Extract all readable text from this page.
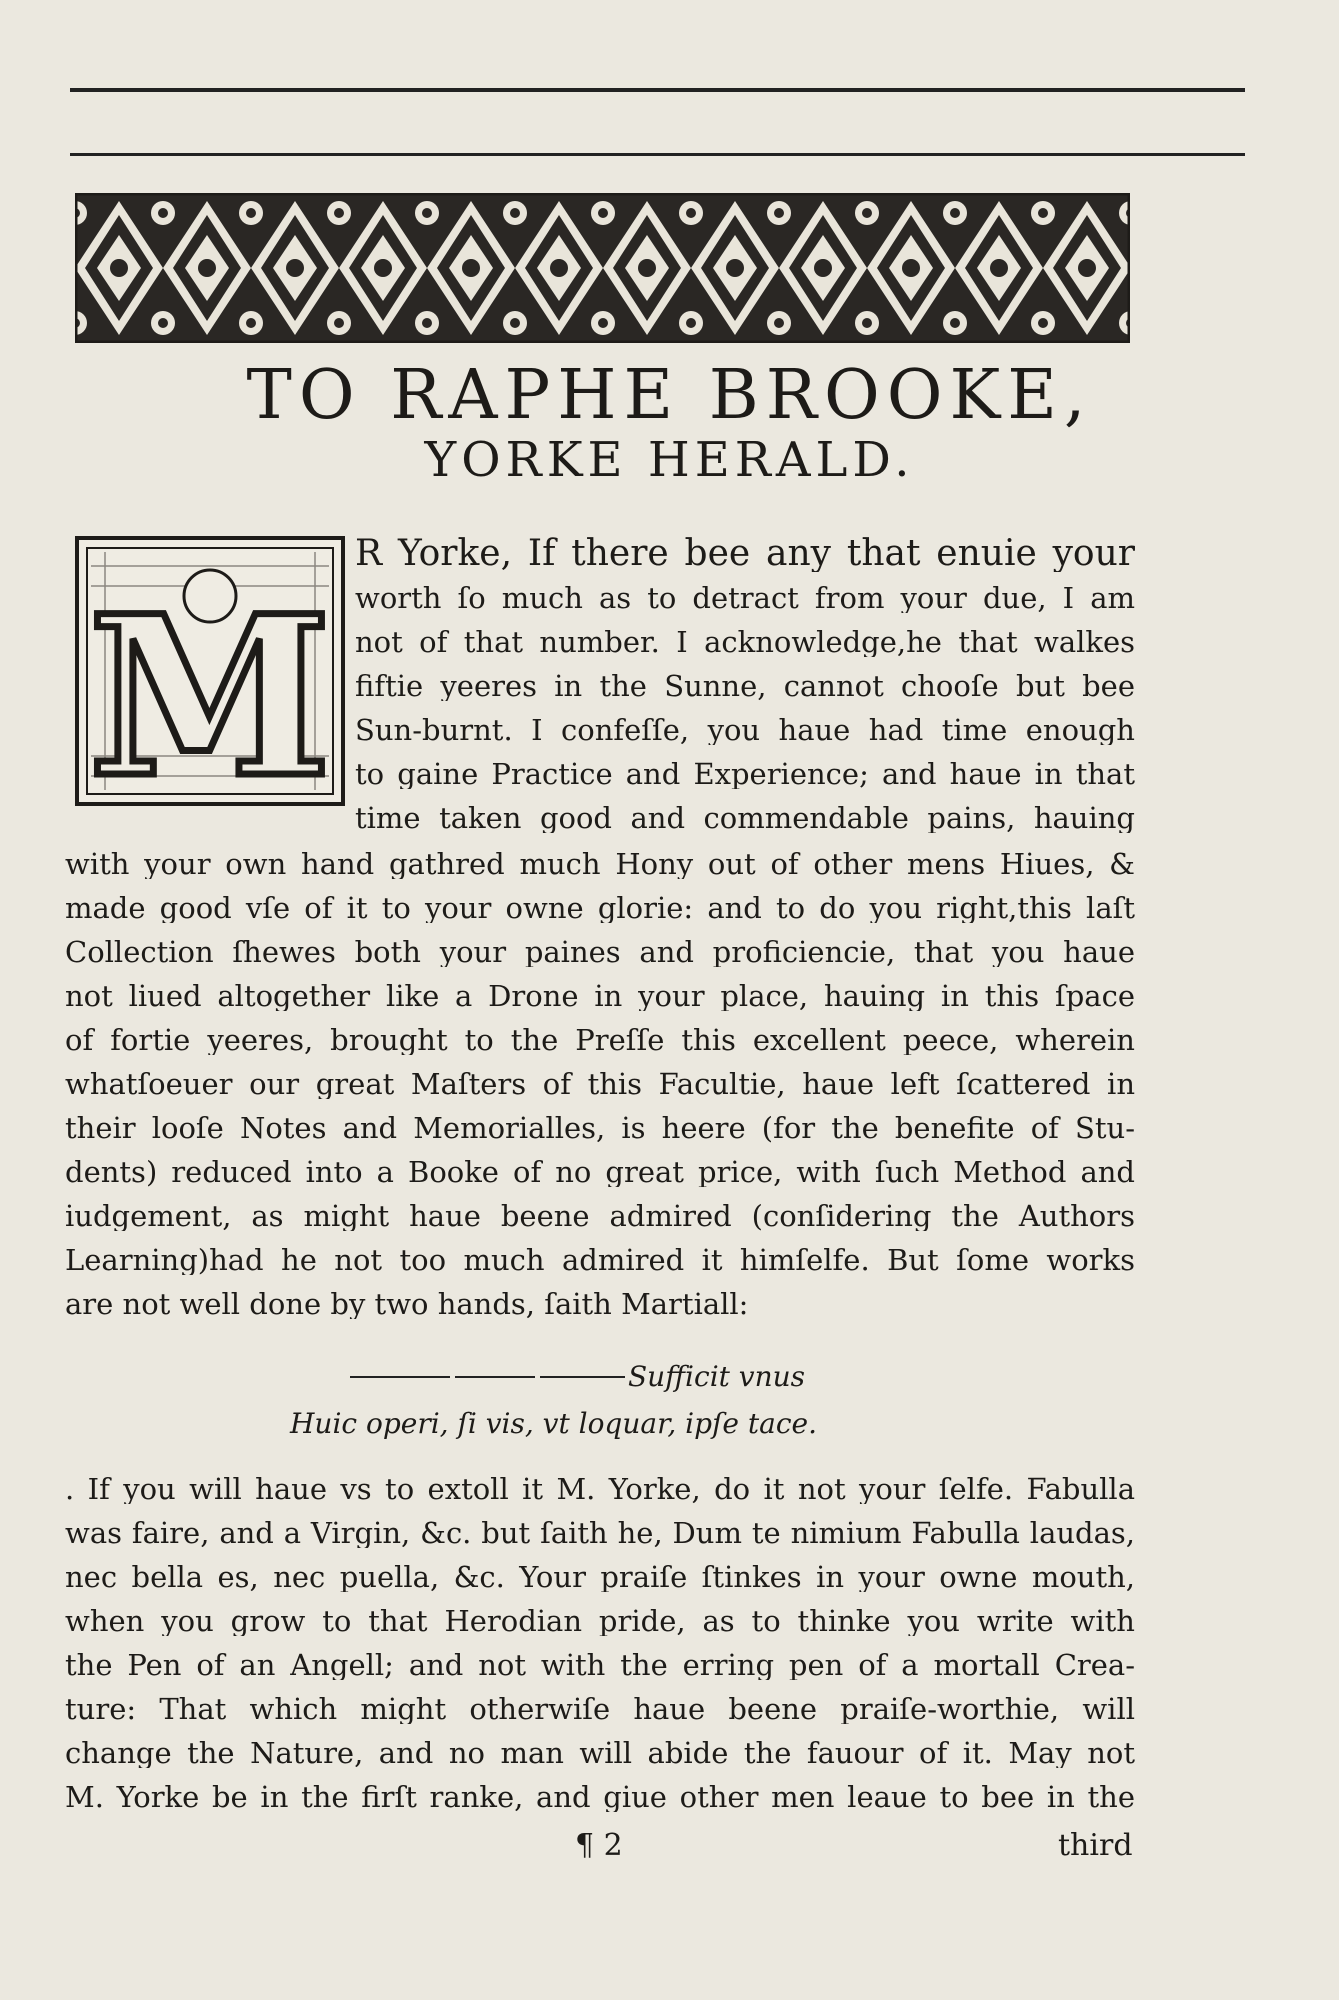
TO RAPHE BROOKE,
YORKE HERALD.
M
R Yorke, If there bee any that enuie your
worth ſo much as to detract from your due, I am
not of that number. I acknowledge,he that walkes
fiftie yeeres in the Sunne, cannot chooſe but bee
Sun-burnt. I confeſſe, you haue had time enough
to gaine Practice and Experience; and haue in that
time taken good and commendable pains, hauing
with your own hand gathred much Hony out of other mens Hiues, &
made good vſe of it to your owne glorie: and to do you right,this laſt
Collection ſhewes both your paines and proficiencie, that you haue
not liued altogether like a Drone in your place, hauing in this ſpace
of fortie yeeres, brought to the Preſſe this excellent peece, wherein
whatſoeuer our great Maſters of this Facultie, haue left ſcattered in
their looſe Notes and Memorialles, is heere (for the benefite of Stu-
dents) reduced into a Booke of no great price, with ſuch Method and
iudgement, as might haue beene admired (conſidering the Authors
Learning)had he not too much admired it himſelfe. But ſome works
are not well done by two hands, ſaith Martiall:
Sufficit vnus
Huic operi, ſi vis, vt loquar, ipſe tace.
. If you will haue vs to extoll it M. Yorke, do it not your ſelfe. Fabulla
was faire, and a Virgin, &c. but ſaith he, Dum te nimium Fabulla laudas,
nec bella es, nec puella, &c. Your praiſe ſtinkes in your owne mouth,
when you grow to that Herodian pride, as to thinke you write with
the Pen of an Angell; and not with the erring pen of a mortall Crea-
ture: That which might otherwiſe haue beene praiſe-worthie, will
change the Nature, and no man will abide the fauour of it. May not
M. Yorke be in the firſt ranke, and giue other men leaue to bee in the
¶ 2	third
